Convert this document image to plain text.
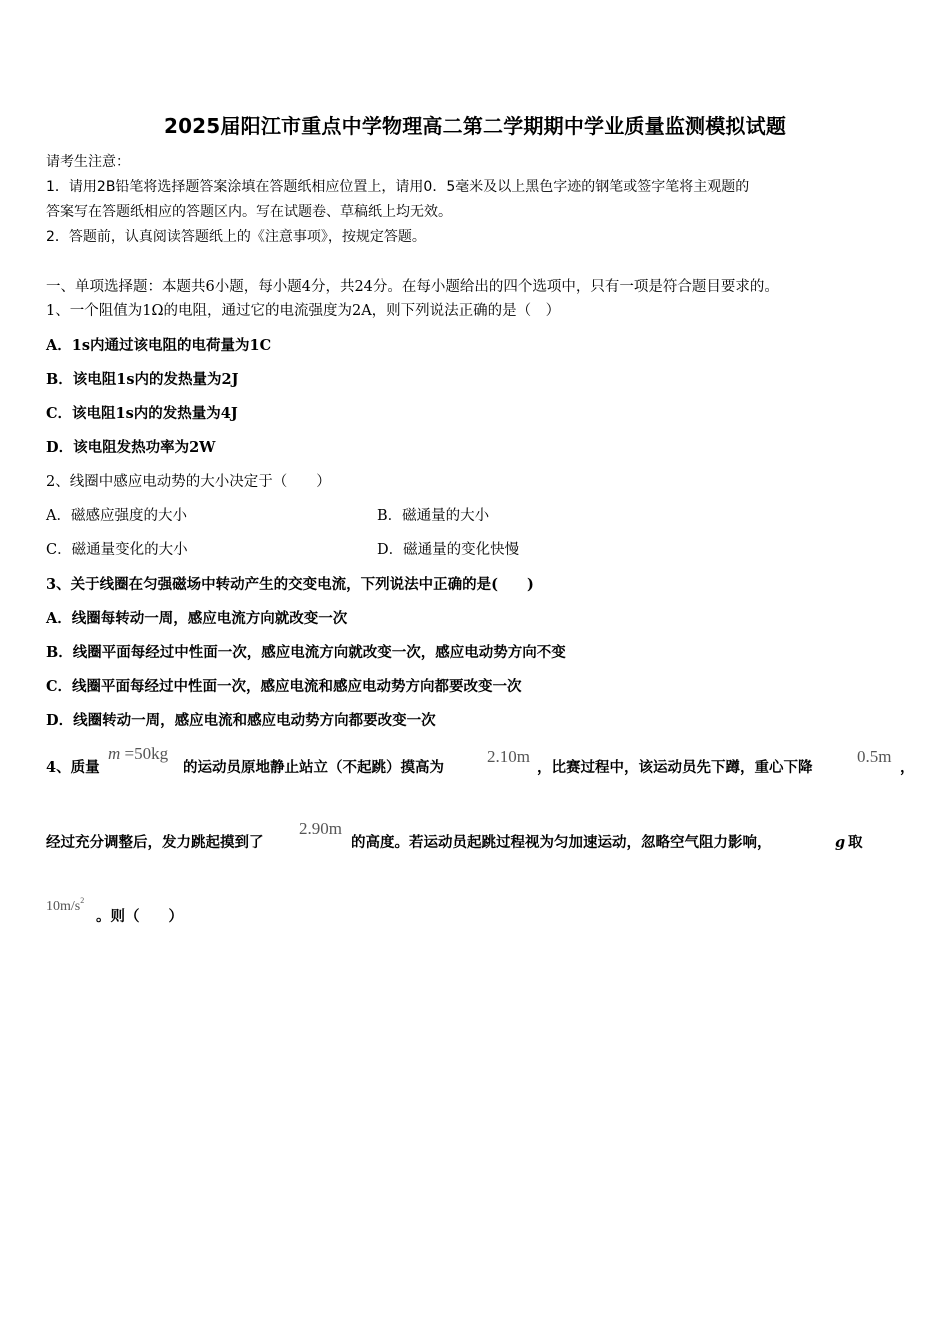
2025届阳江市重点中学物理高二第二学期期中学业质量监测模拟试题
请考生注意：
1．请用2B铅笔将选择题答案涂填在答题纸相应位置上，请用0．5毫米及以上黑色字迹的钢笔或签字笔将主观题的
答案写在答题纸相应的答题区内。写在试题卷、草稿纸上均无效。
2．答题前，认真阅读答题纸上的《注意事项》，按规定答题。
一、单项选择题：本题共6小题，每小题4分，共24分。在每小题给出的四个选项中，只有一项是符合题目要求的。
1、一个阻值为1Ω的电阻，通过它的电流强度为2A，则下列说法正确的是（　）
A．1s内通过该电阻的电荷量为1C
B．该电阻1s内的发热量为2J
C．该电阻1s内的发热量为4J
D．该电阻发热功率为2W
2、线圈中感应电动势的大小决定于（　　）
A．磁感应强度的大小	B．磁通量的大小
C．磁通量变化的大小	D．磁通量的变化快慢
3、关于线圈在匀强磁场中转动产生的交变电流，下列说法中正确的是(　　)
A．线圈每转动一周，感应电流方向就改变一次
B．线圈平面每经过中性面一次，感应电流方向就改变一次，感应电动势方向不变
C．线圈平面每经过中性面一次，感应电流和感应电动势方向都要改变一次
D．线圈转动一周，感应电流和感应电动势方向都要改变一次
4、质量
m =50kg
的运动员原地静止站立（不起跳）摸高为
2.10m
，比赛过程中，该运动员先下蹲，重心下降
0.5m
，
经过充分调整后，发力跳起摸到了
2.90m
的高度。若运动员起跳过程视为匀加速运动，忽略空气阻力影响，	g 取
$10m/s^2$
。则（　　）
